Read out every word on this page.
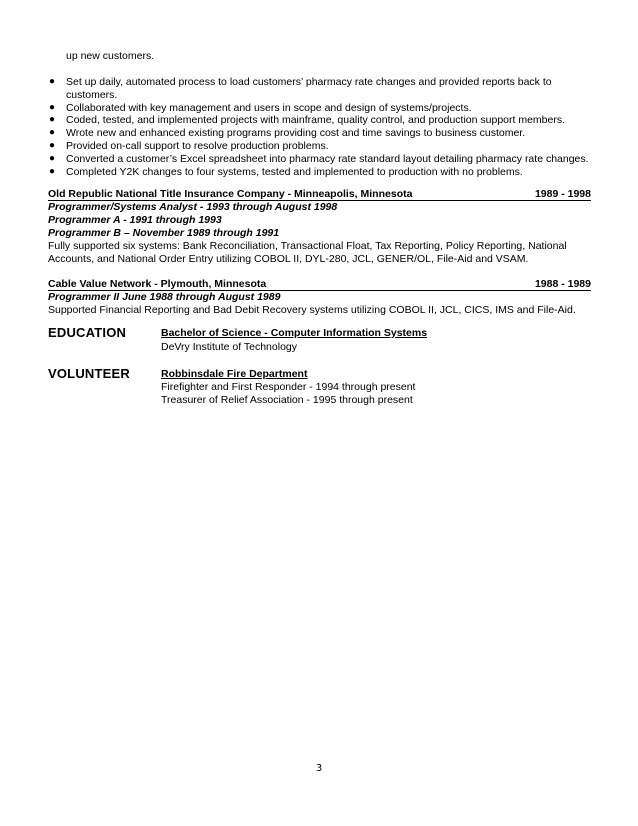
up new customers.
● Set up daily, automated process to load customers’ pharmacy rate changes and provided reports back to
customers.
● Collaborated with key management and users in scope and design of systems/projects.
● Coded, tested, and implemented projects with mainframe, quality control, and production support members.
● Wrote new and enhanced existing programs providing cost and time savings to business customer.
● Provided on-call support to resolve production problems.
● Converted a customer’s Excel spreadsheet into pharmacy rate standard layout detailing pharmacy rate changes.
● Completed Y2K changes to four systems, tested and implemented to production with no problems.
Old Republic National Title Insurance Company - Minneapolis, Minnesota	1989 - 1998
Programmer/Systems Analyst - 1993 through August 1998
Programmer A - 1991 through 1993
Programmer B – November 1989 through 1991
Fully supported six systems: Bank Reconciliation, Transactional Float, Tax Reporting, Policy Reporting, National
Accounts, and National Order Entry utilizing COBOL II, DYL-280, JCL, GENER/OL, File-Aid and VSAM.
Cable Value Network - Plymouth, Minnesota	1988 - 1989
Programmer II June 1988 through August 1989
Supported Financial Reporting and Bad Debit Recovery systems utilizing COBOL II, JCL, CICS, IMS and File-Aid.
EDUCATION	Bachelor of Science - Computer Information Systems
DeVry Institute of Technology
VOLUNTEER	Robbinsdale Fire Department
Firefighter and First Responder - 1994 through present
Treasurer of Relief Association - 1995 through present
3
